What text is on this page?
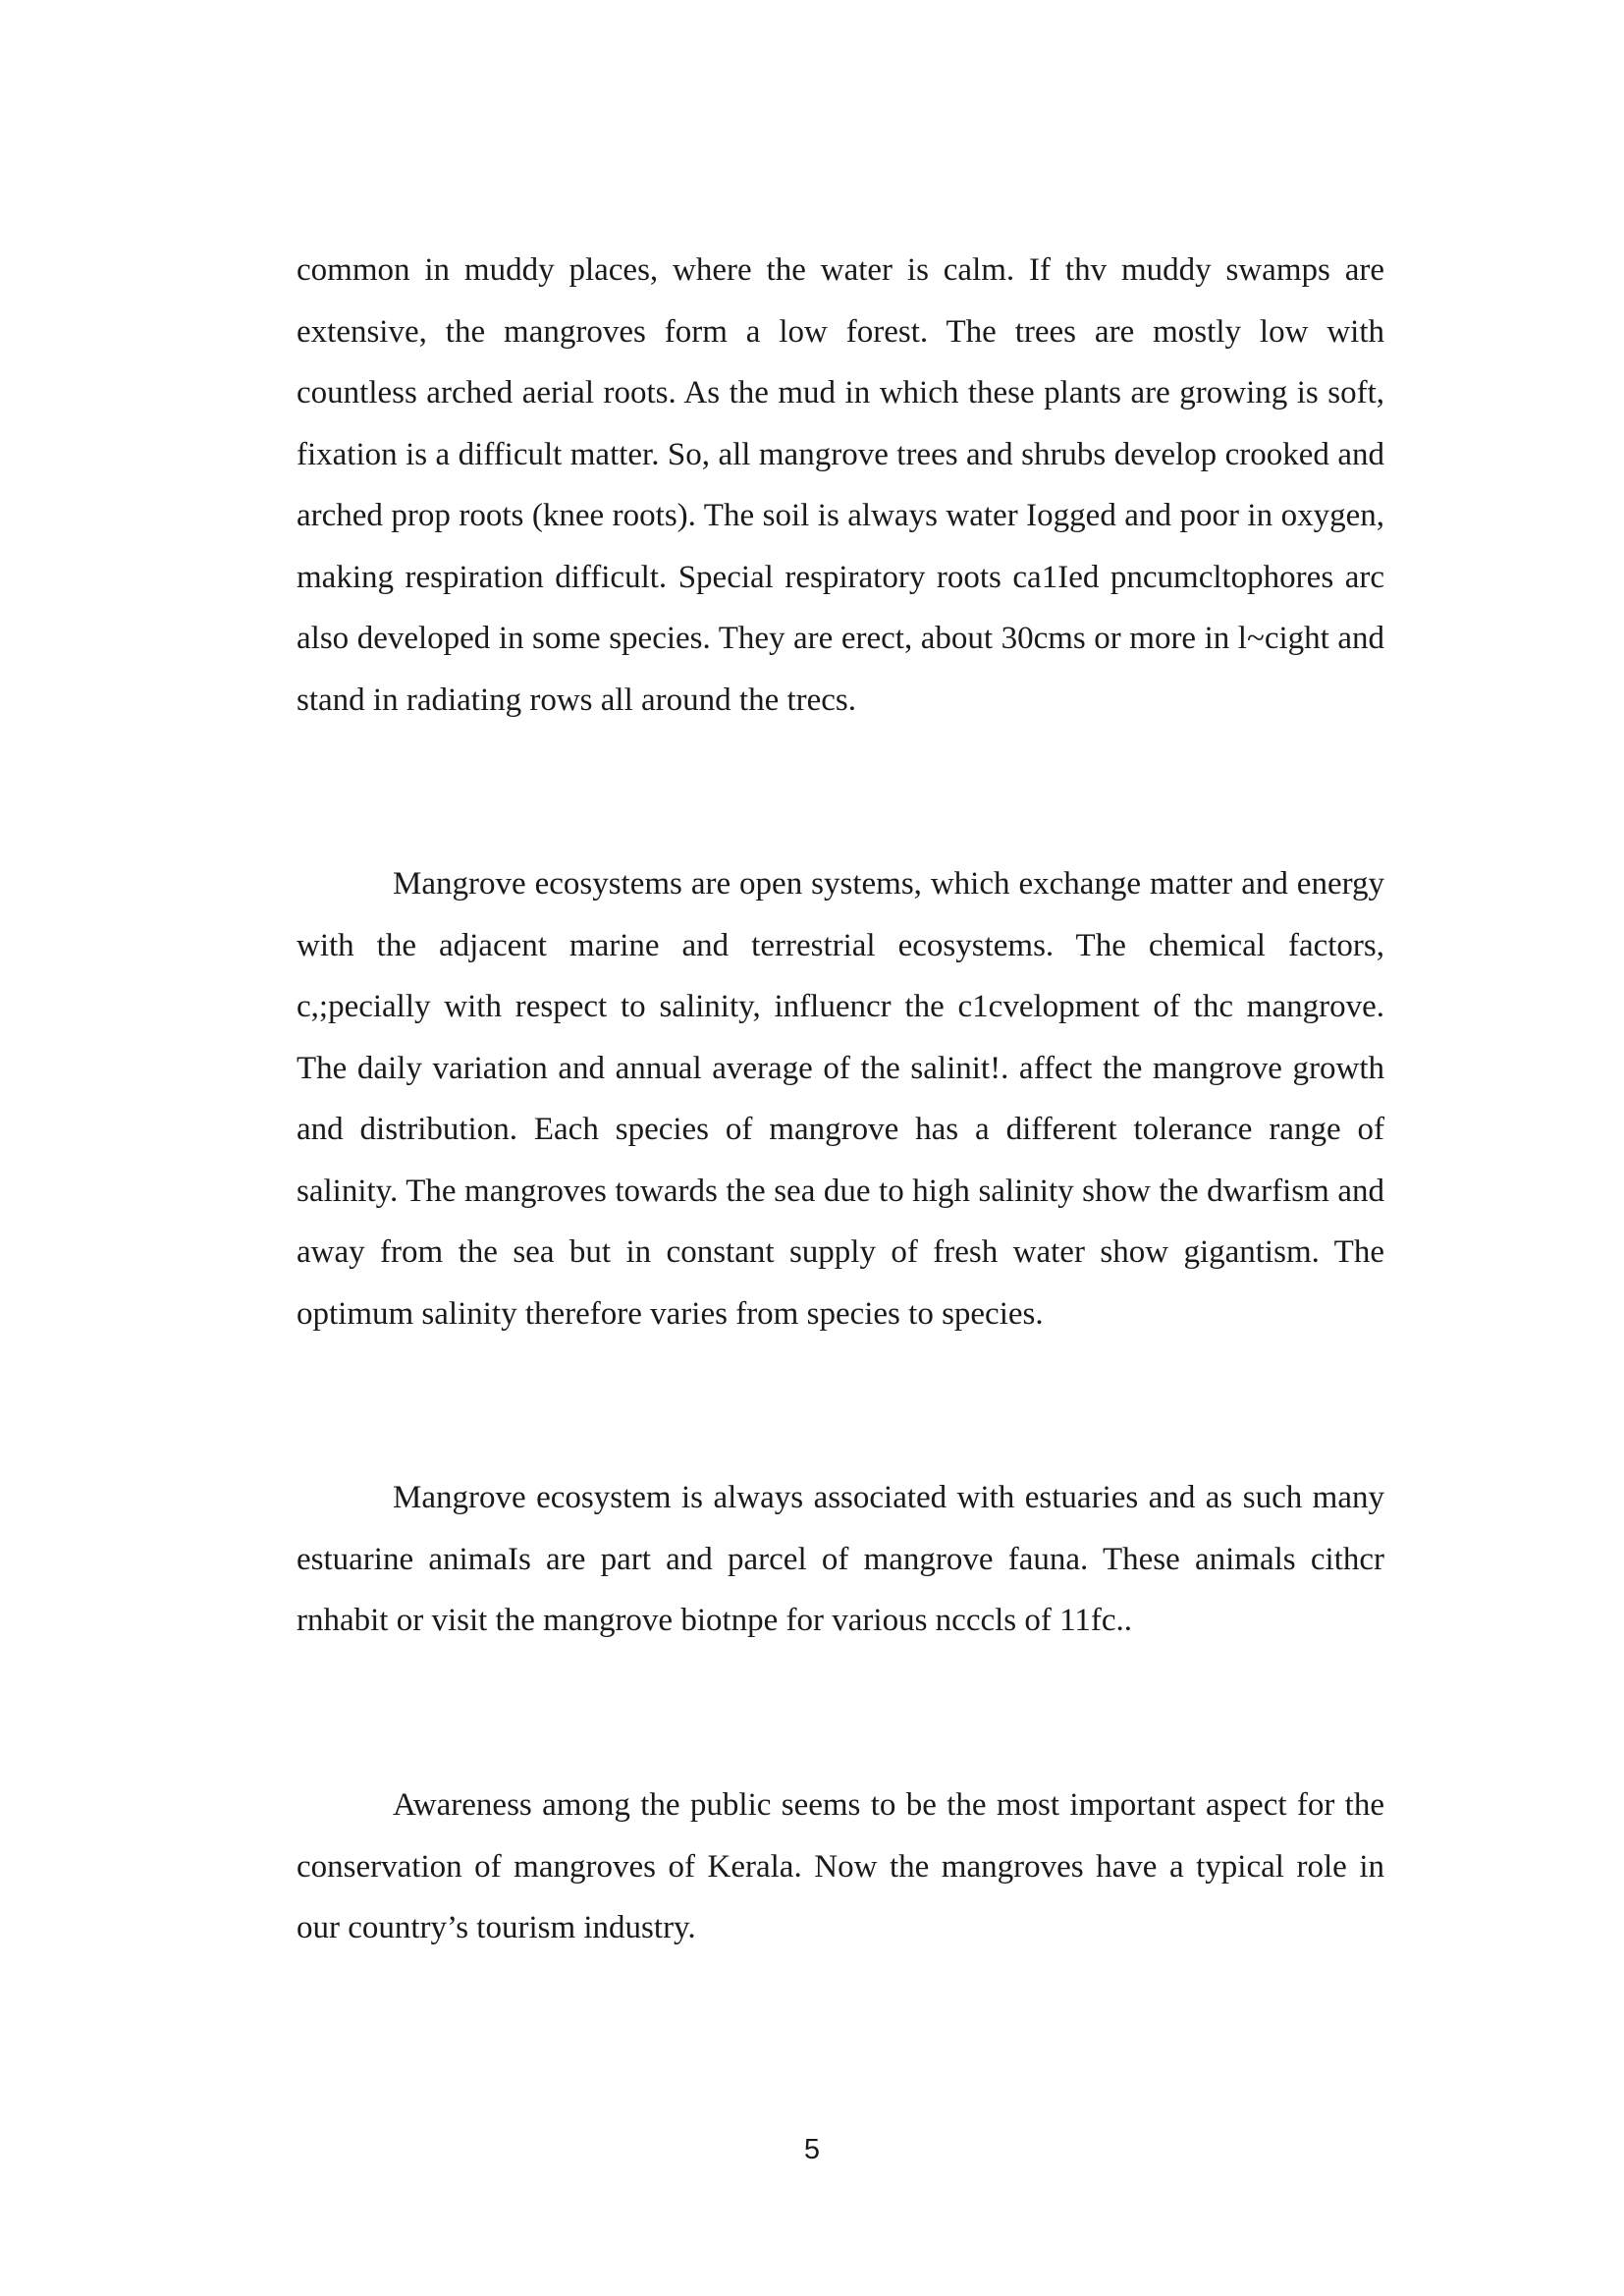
common in muddy places, where the water is calm. If thv muddy swamps are extensive, the mangroves form a low forest. The trees are mostly low with countless arched aerial roots. As the mud in which these plants are growing is soft, fixation is a difficult matter. So, all mangrove trees and shrubs develop crooked and arched prop roots (knee roots). The soil is always water Iogged and poor in oxygen, making respiration difficult. Special respiratory roots ca1Ied pncumcltophores arc also developed in some species. They are erect, about 30cms or more in l~cight and stand in radiating rows all around the trecs.

Mangrove ecosystems are open systems, which exchange matter and energy with the adjacent marine and terrestrial ecosystems. The chemical factors, c,;pecially with respect to salinity, influencr the c1cvelopment of thc mangrove. The daily variation and annual average of the salinit!. affect the mangrove growth and distribution. Each species of mangrove has a different tolerance range of salinity. The mangroves towards the sea due to high salinity show the dwarfism and away from the sea but in constant supply of fresh water show gigantism. The optimum salinity therefore varies from species to species.

Mangrove ecosystem is always associated with estuaries and as such many estuarine animaIs are part and parcel of mangrove fauna. These animals cithcr rnhabit or visit the mangrove biotnpe for various ncccls of 11fc..

Awareness among the public seems to be the most important aspect for the conservation of mangroves of Kerala. Now the mangroves have a typical role in our country’s tourism industry.

5
